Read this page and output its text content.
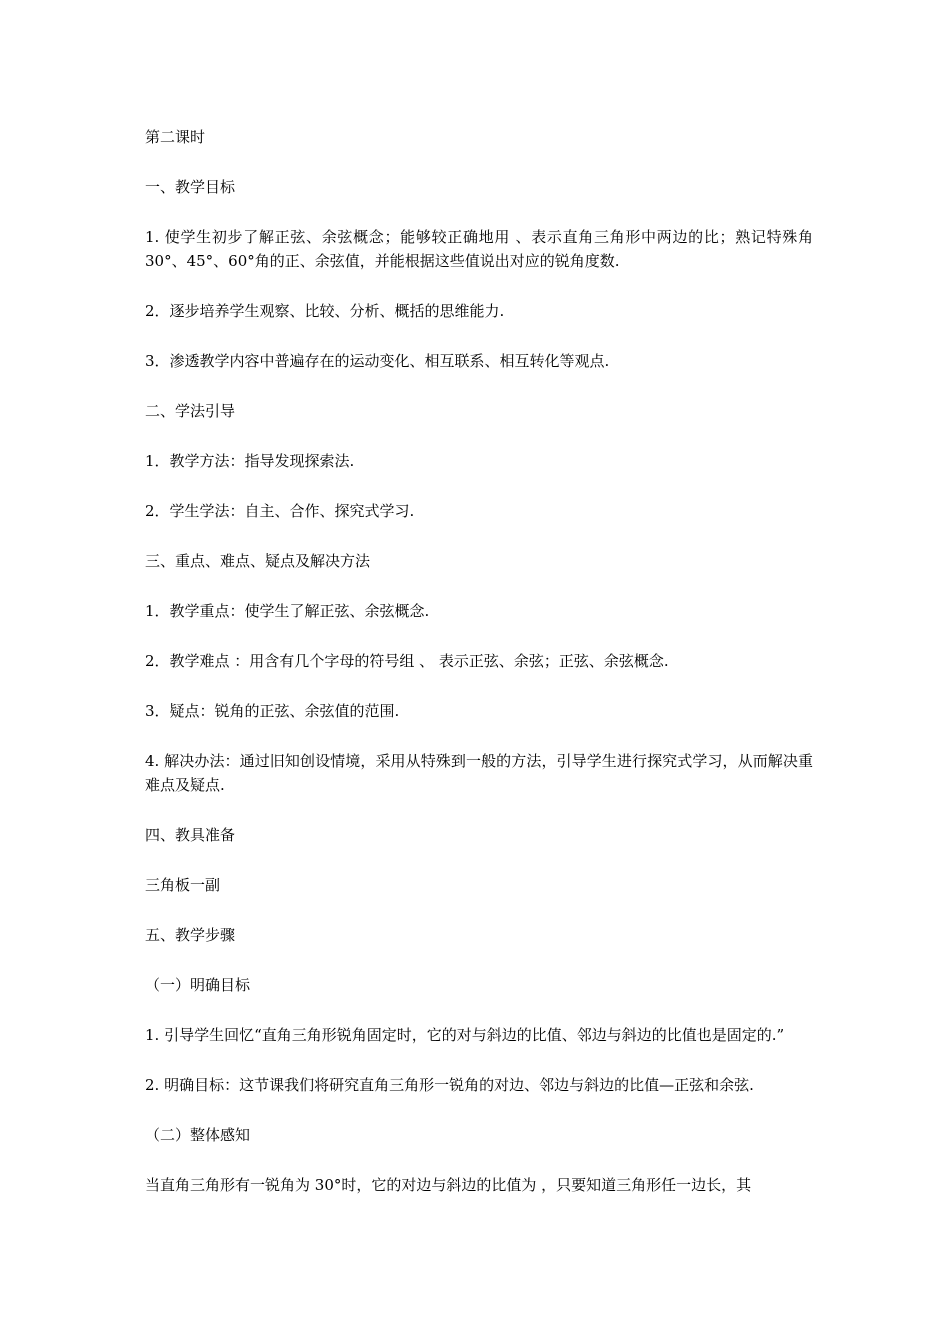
第二课时

一、教学目标

1. 使学生初步了解正弦、余弦概念；能够较正确地用 、表示直角三角形中两边的比；熟记特殊角 30°、45°、60°角的正、余弦值，并能根据这些值说出对应的锐角度数.

2．逐步培养学生观察、比较、分析、概括的思维能力.

3．渗透教学内容中普遍存在的运动变化、相互联系、相互转化等观点.

二、学法引导

1．教学方法：指导发现探索法.

2．学生学法：自主、合作、探究式学习.

三、重点、难点、疑点及解决方法

1．教学重点：使学生了解正弦、余弦概念.

2．教学难点 ：用含有几个字母的符号组 、 表示正弦、余弦；正弦、余弦概念.

3．疑点：锐角的正弦、余弦值的范围.

4. 解决办法：通过旧知创设情境，采用从特殊到一般的方法，引导学生进行探究式学习，从而解决重难点及疑点.

四、教具准备

三角板一副

五、教学步骤

（一）明确目标

1. 引导学生回忆“直角三角形锐角固定时，它的对与斜边的比值、邻边与斜边的比值也是固定的.”

2. 明确目标：这节课我们将研究直角三角形一锐角的对边、邻边与斜边的比值—正弦和余弦.

（二）整体感知

当直角三角形有一锐角为 30°时，它的对边与斜边的比值为 ，只要知道三角形任一边长，其
